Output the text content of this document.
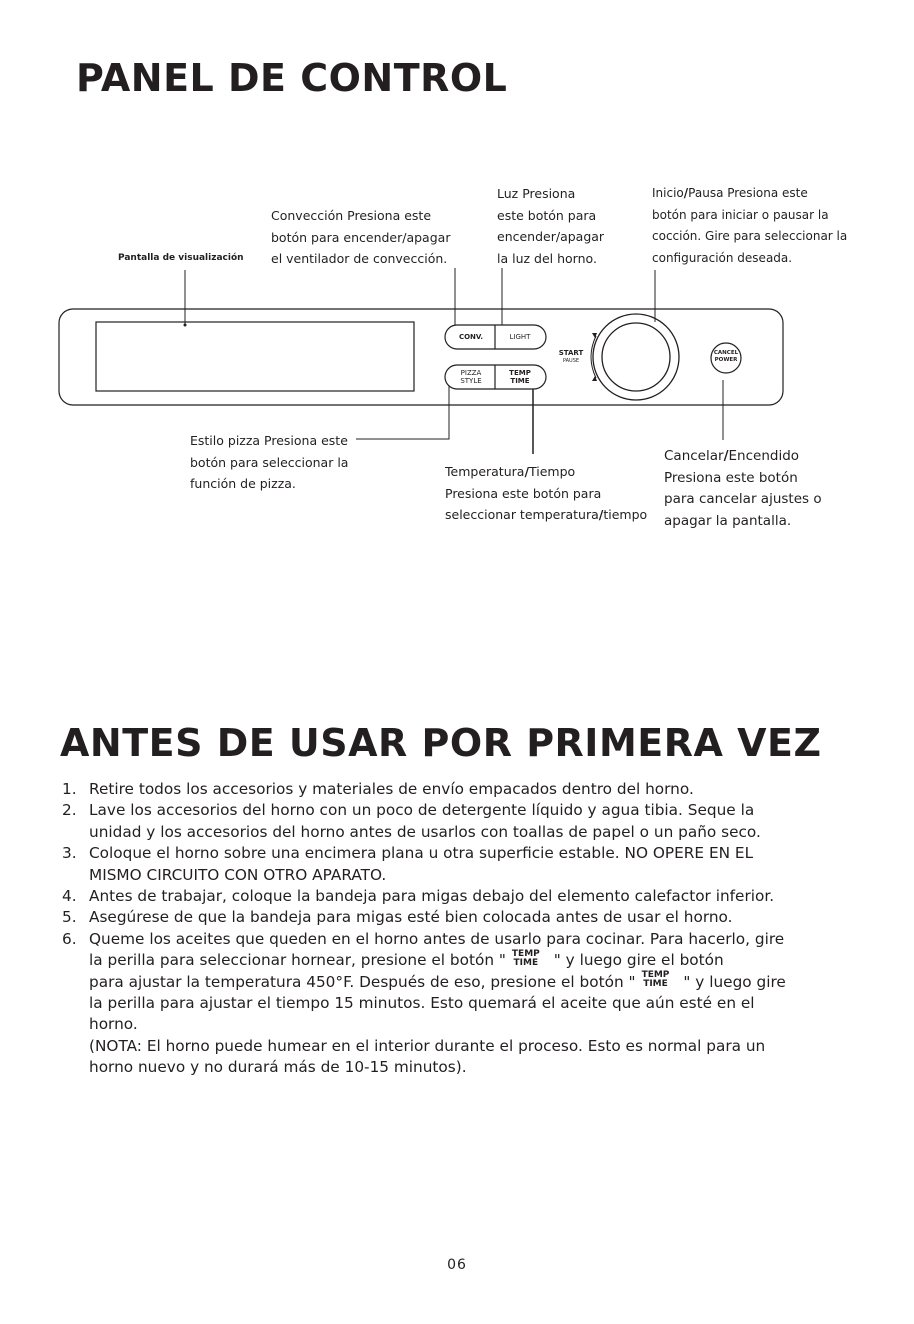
PANEL DE CONTROL
Pantalla de visualización
Convección Presiona este
botón para encender/apagar
el ventilador de convección.
Luz Presiona
este botón para
encender/apagar
la luz del horno.
Inicio/Pausa Presiona este
botón para iniciar o pausar la
cocción. Gire para seleccionar la
configuración deseada.
Estilo pizza Presiona este
botón para seleccionar la
función de pizza.
Temperatura/Tiempo
Presiona este botón para
seleccionar temperatura/tiempo
Cancelar/Encendido
Presiona este botón
para cancelar ajustes o
apagar la pantalla.
CONV.	LIGHT
PIZZA
STYLE
TEMP
TIME
START
PAUSE
CANCEL
POWER
ANTES DE USAR POR PRIMERA VEZ
1. Retire todos los accesorios y materiales de envío empacados dentro del horno.
2. Lave los accesorios del horno con un poco de detergente líquido y agua tibia. Seque la unidad y los accesorios del horno antes de usarlos con toallas de papel o un paño seco.
3. Coloque el horno sobre una encimera plana u otra superficie estable. NO OPERE EN EL MISMO CIRCUITO CON OTRO APARATO.
4. Antes de trabajar, coloque la bandeja para migas debajo del elemento calefactor inferior.
5. Asegúrese de que la bandeja para migas esté bien colocada antes de usar el horno.
6. Queme los aceites que queden en el horno antes de usarlo para cocinar. Para hacerlo, gire la perilla para seleccionar hornear, presione el botón " TEMP
TIME " y luego gire el botón
para ajustar la temperatura 450°F. Después de eso, presione el botón " TEMP
TIME " y luego gire la perilla para ajustar el tiempo 15 minutos. Esto quemará el aceite que aún esté en el horno.
(NOTA: El horno puede humear en el interior durante el proceso. Esto es normal para un horno nuevo y no durará más de 10-15 minutos).
06
